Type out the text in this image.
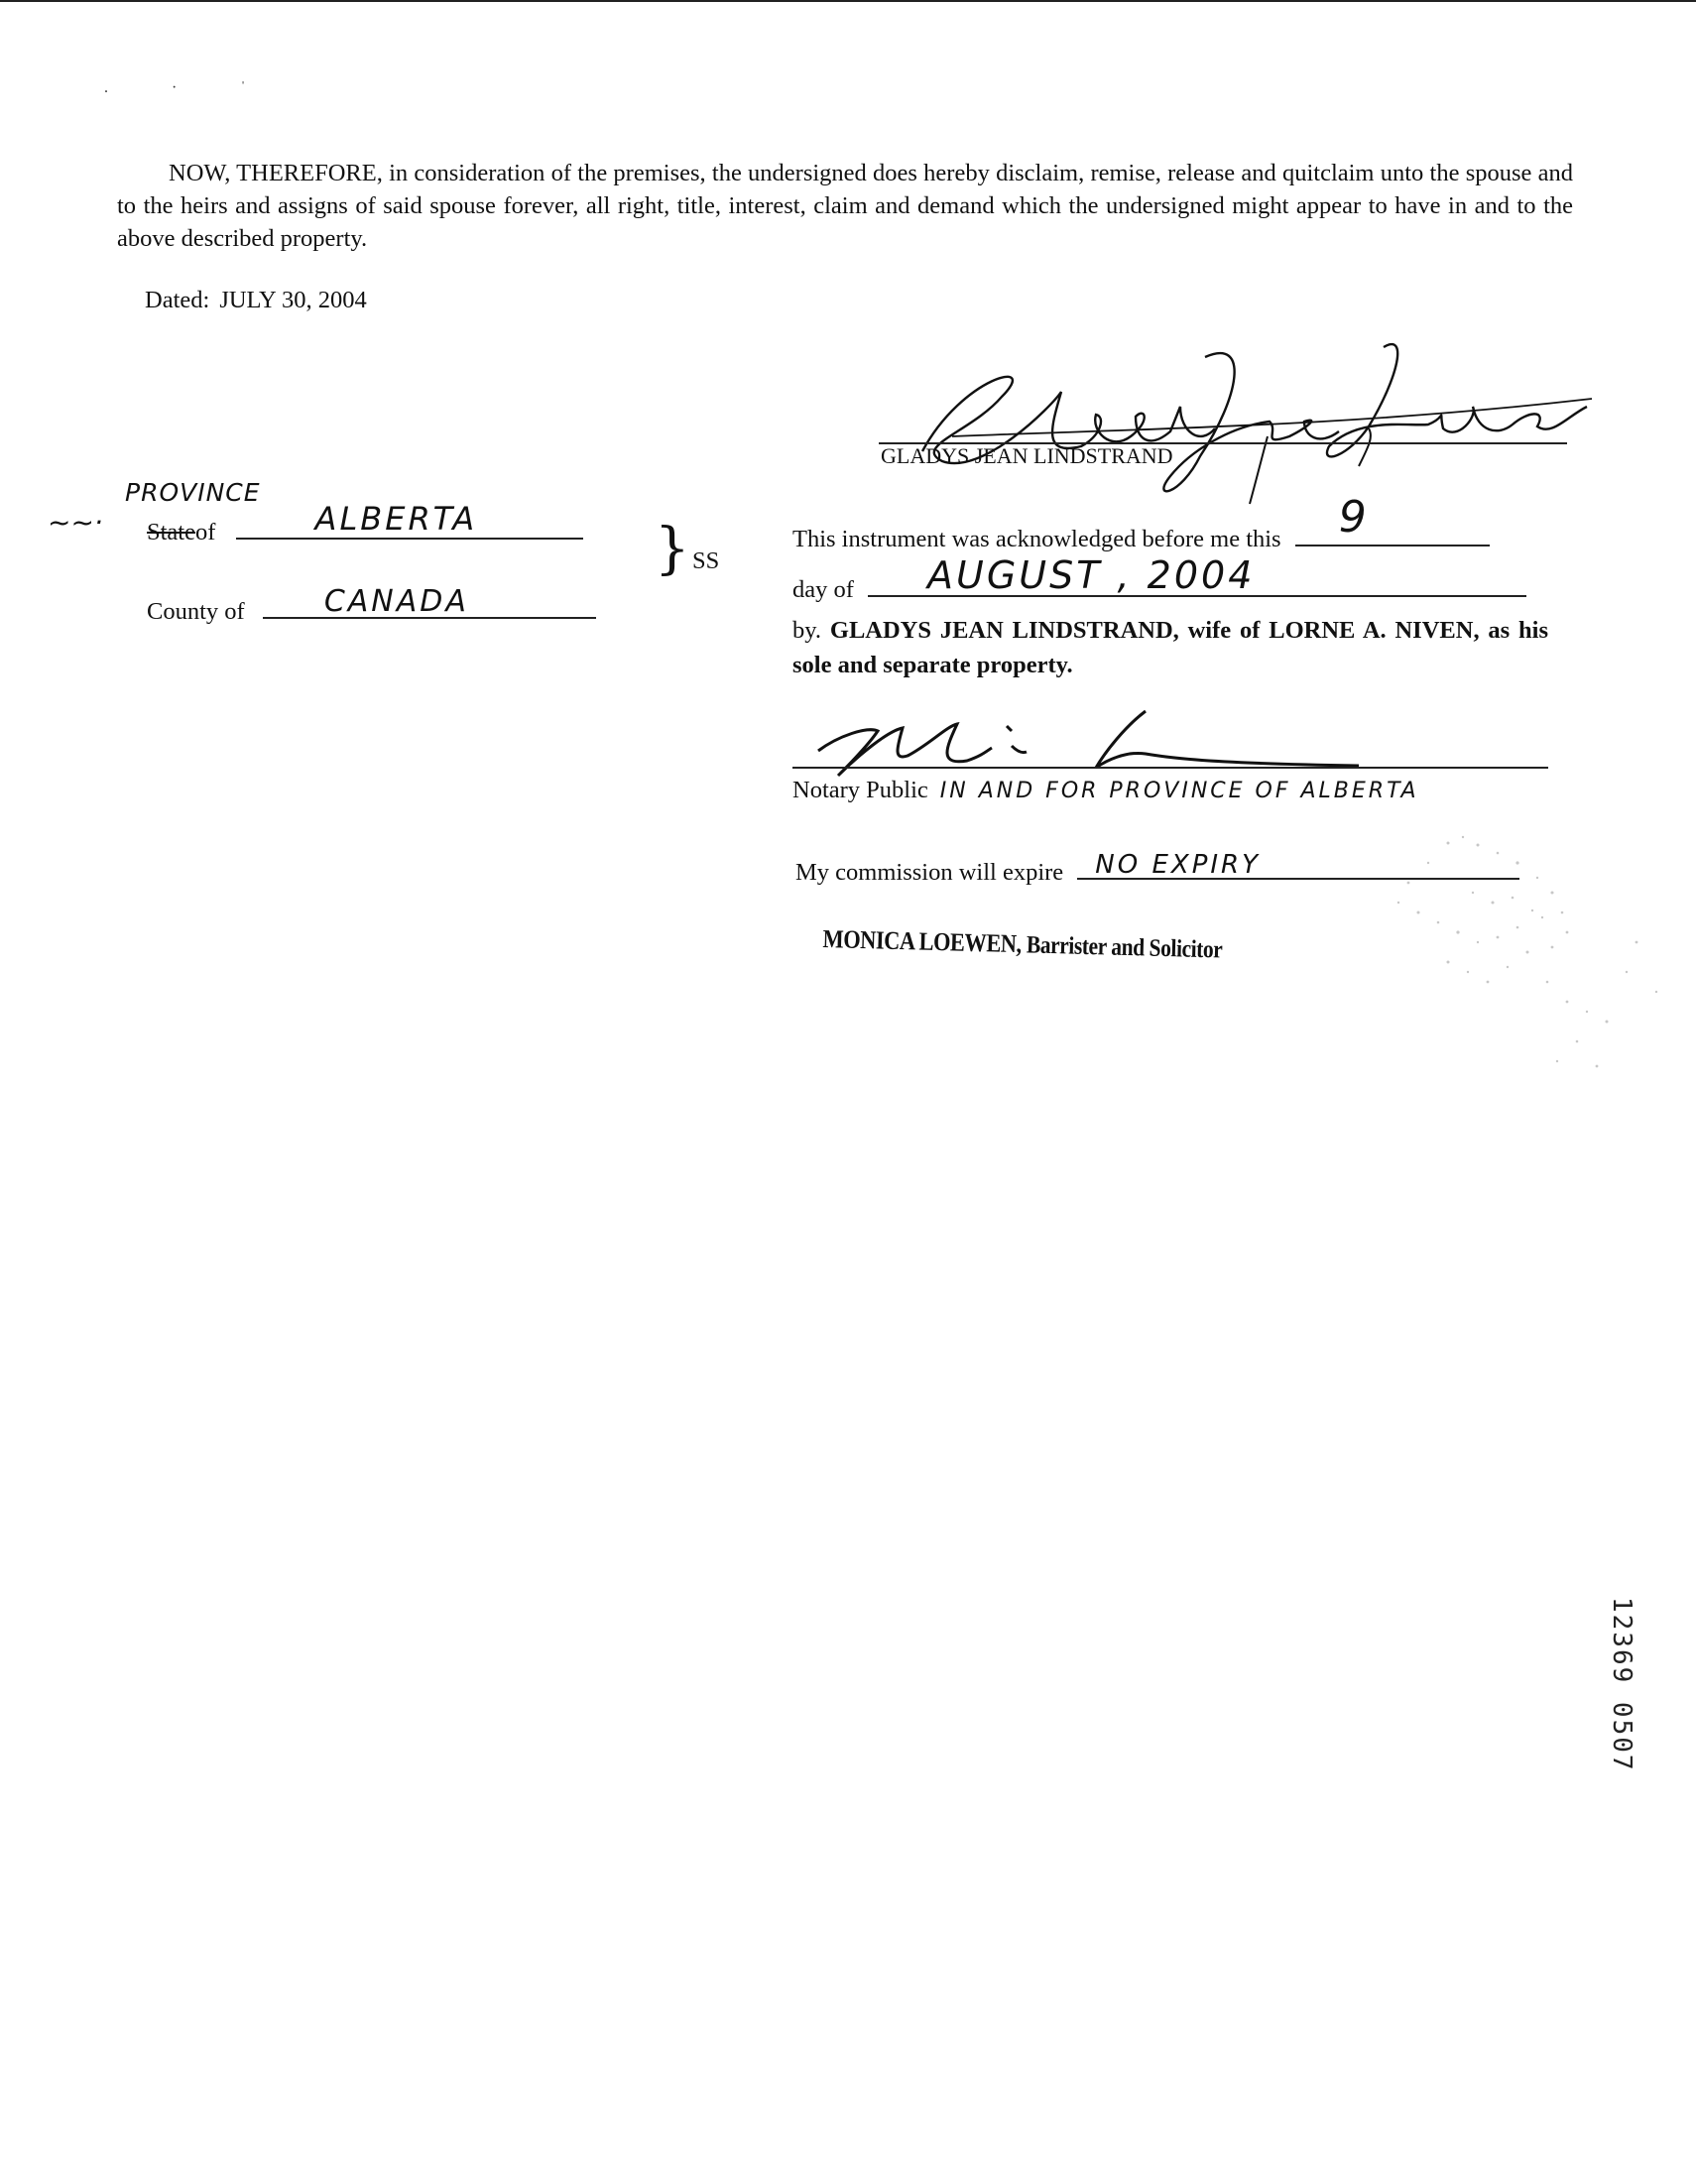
. · ˈ
NOW, THEREFORE, in consideration of the premises, the undersigned does hereby disclaim, remise, release and quitclaim unto the spouse and to the heirs and assigns of said spouse forever, all right, title, interest, claim and demand which the undersigned might appear to have in and to the above described property.
Dated: JULY 30, 2004
GLADYS JEAN LINDSTRAND
PROVINCE
~~· Stateof	ALBERTA
County of	CANADA
} SS
This instrument was acknowledged before me this 9
day of AUGUST , 2004
by. GLADYS JEAN LINDSTRAND, wife of LORNE A. NIVEN, as his sole and separate property.
Notary Public IN AND FOR PROVINCE OF ALBERTA
My commission will expire NO EXPIRY
MONICA LOEWEN, Barrister and Solicitor
12369 0507
